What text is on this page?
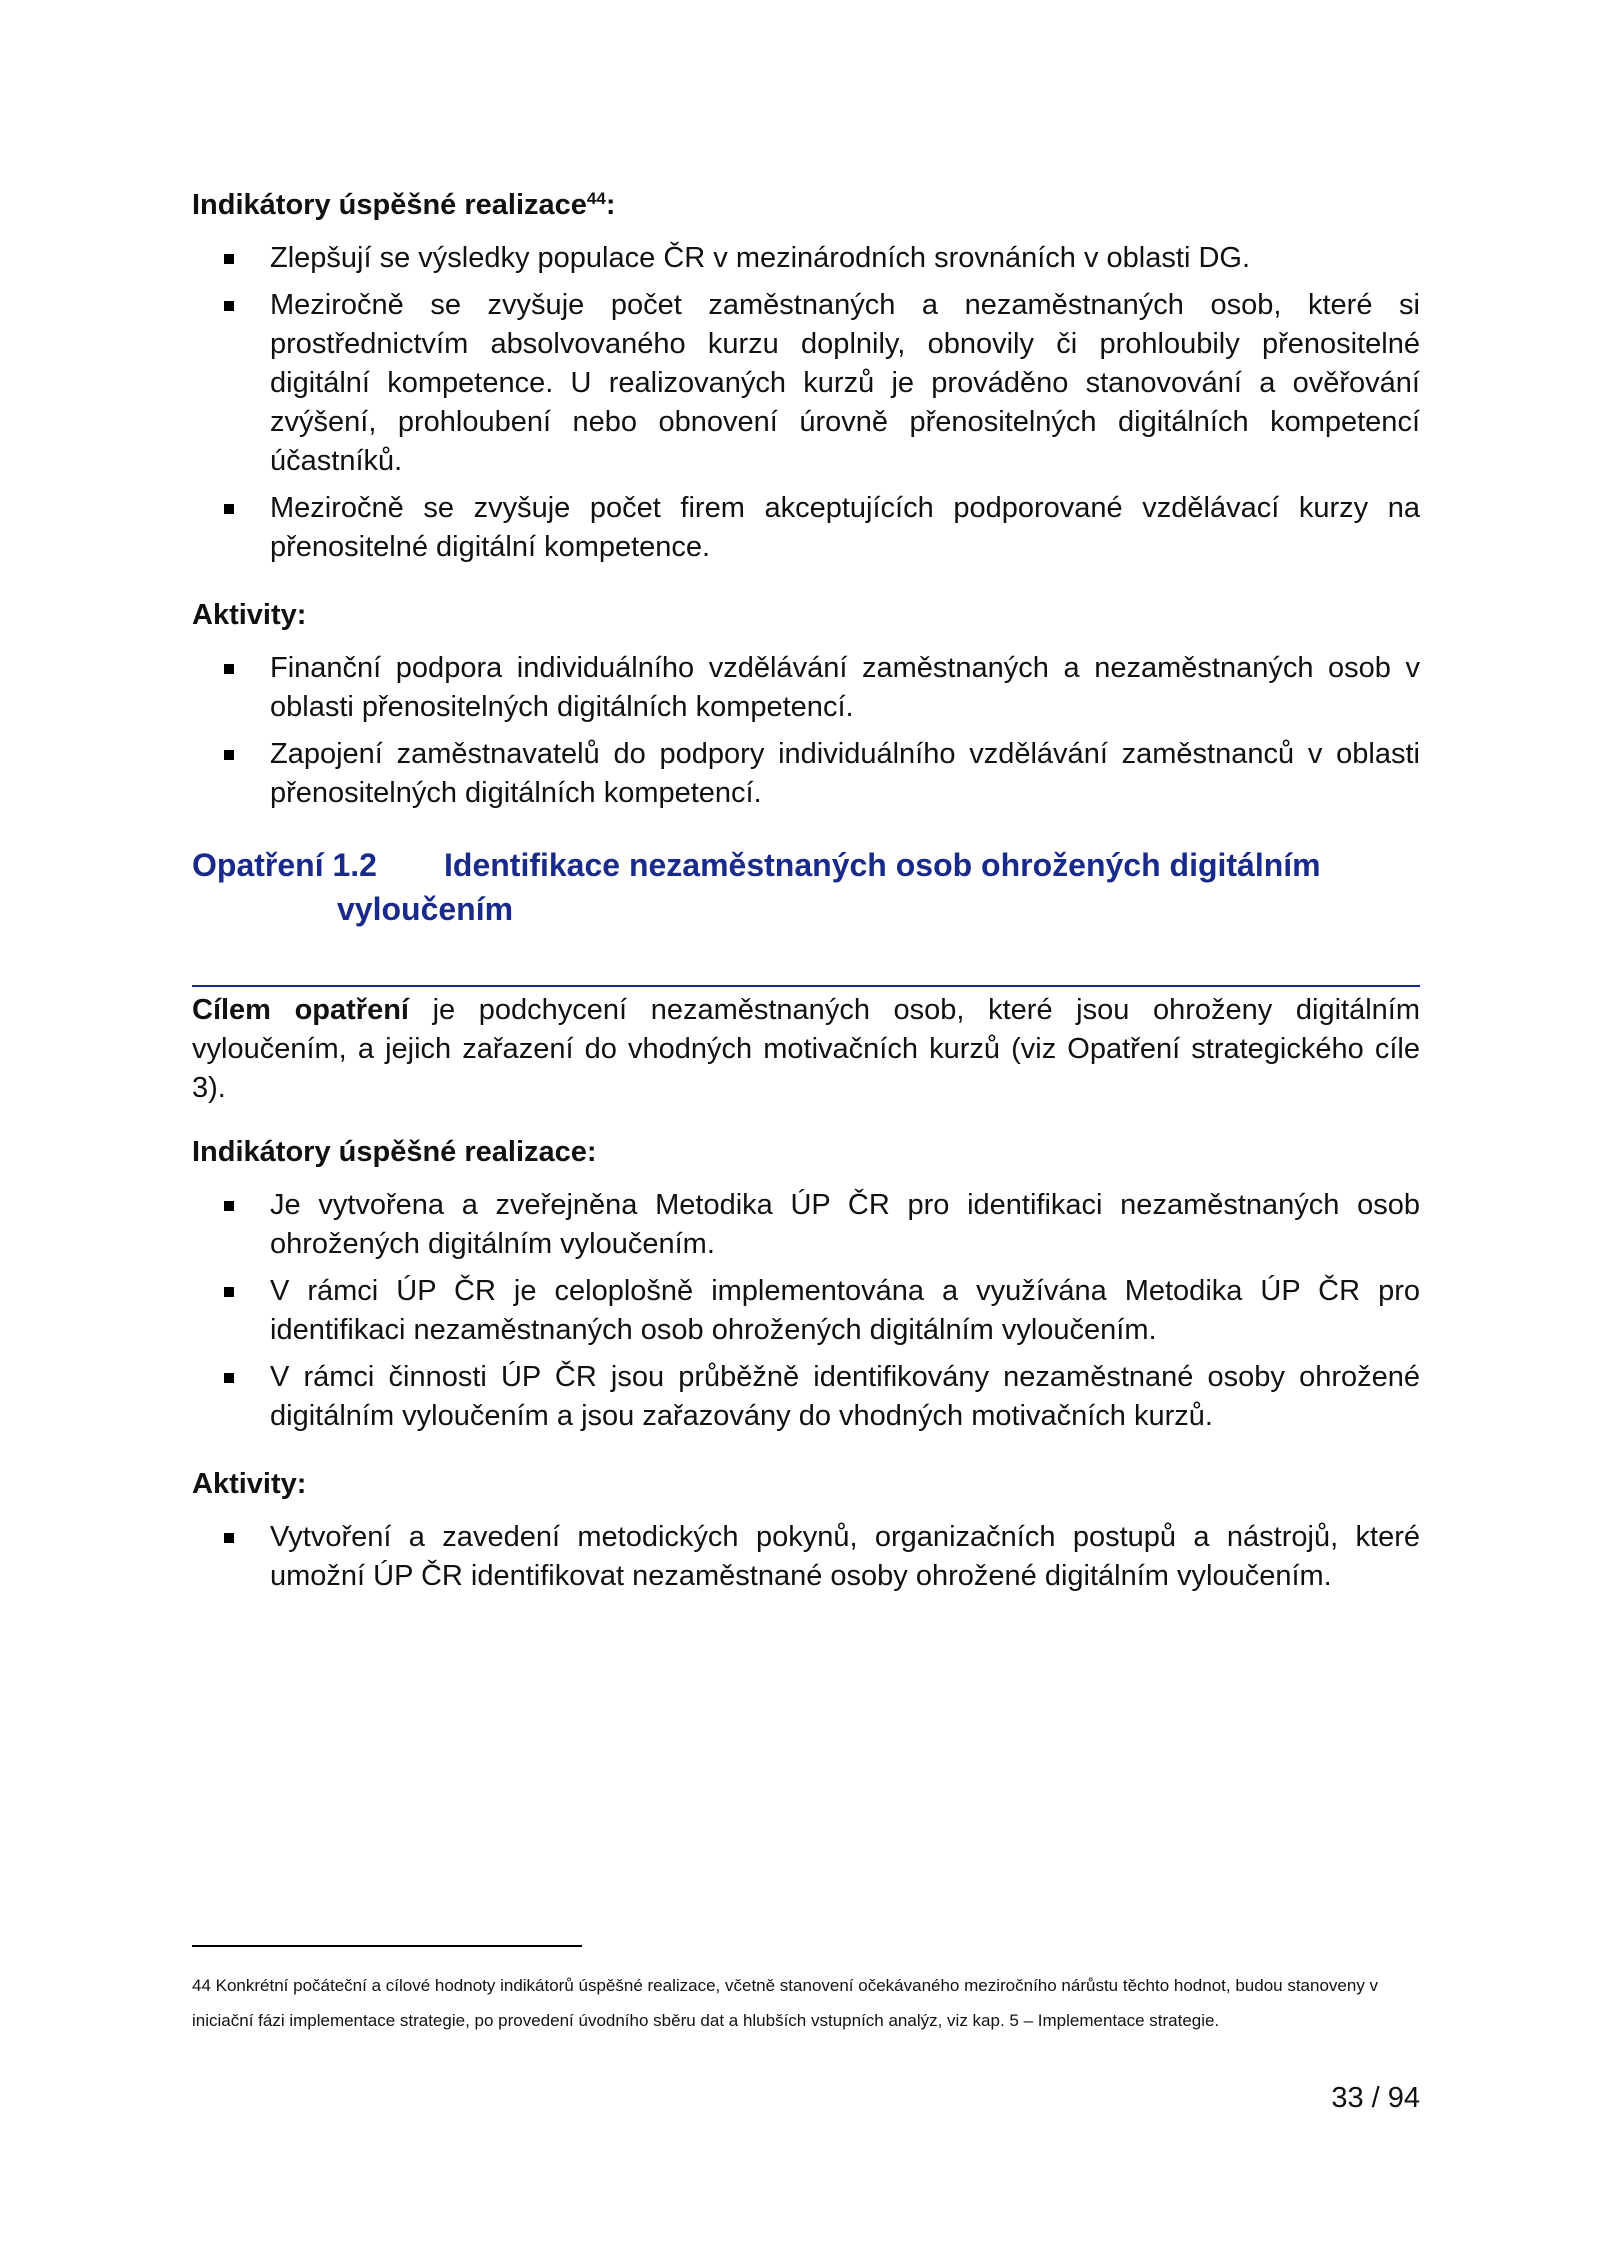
Indikátory úspěšné realizace$^{44}$:

Zlepšují se výsledky populace ČR v mezinárodních srovnáních v oblasti DG.
Meziročně se zvyšuje počet zaměstnaných a nezaměstnaných osob, které si prostřednictvím absolvovaného kurzu doplnily, obnovily či prohloubily přenositelné digitální kompetence. U realizovaných kurzů je prováděno stanovování a ověřování zvýšení, prohloubení nebo obnovení úrovně přenositelných digitálních kompetencí účastníků.
Meziročně se zvyšuje počet firem akceptujících podporované vzdělávací kurzy na přenositelné digitální kompetence.

Aktivity:

Finanční podpora individuálního vzdělávání zaměstnaných a nezaměstnaných osob v oblasti přenositelných digitálních kompetencí.
Zapojení zaměstnavatelů do podpory individuálního vzdělávání zaměstnanců v oblasti přenositelných digitálních kompetencí.
Opatření 1.2 Identifikace nezaměstnaných osob ohrožených digitálním
vyloučením

Cílem opatření je podchycení nezaměstnaných osob, které jsou ohroženy digitálním vyloučením, a jejich zařazení do vhodných motivačních kurzů (viz Opatření strategického cíle 3).

Indikátory úspěšné realizace:

Je vytvořena a zveřejněna Metodika ÚP ČR pro identifikaci nezaměstnaných osob ohrožených digitálním vyloučením.
V rámci ÚP ČR je celoplošně implementována a využívána Metodika ÚP ČR pro identifikaci nezaměstnaných osob ohrožených digitálním vyloučením.
V rámci činnosti ÚP ČR jsou průběžně identifikovány nezaměstnané osoby ohrožené digitálním vyloučením a jsou zařazovány do vhodných motivačních kurzů.

Aktivity:

Vytvoření a zavedení metodických pokynů, organizačních postupů a nástrojů, které umožní ÚP ČR identifikovat nezaměstnané osoby ohrožené digitálním vyloučením.
44 Konkrétní počáteční a cílové hodnoty indikátorů úspěšné realizace, včetně stanovení očekávaného meziročního nárůstu těchto hodnot, budou stanoveny v iniciační fázi implementace strategie, po provedení úvodního sběru dat a hlubších vstupních analýz, viz kap. 5 – Implementace strategie.
33 / 94
